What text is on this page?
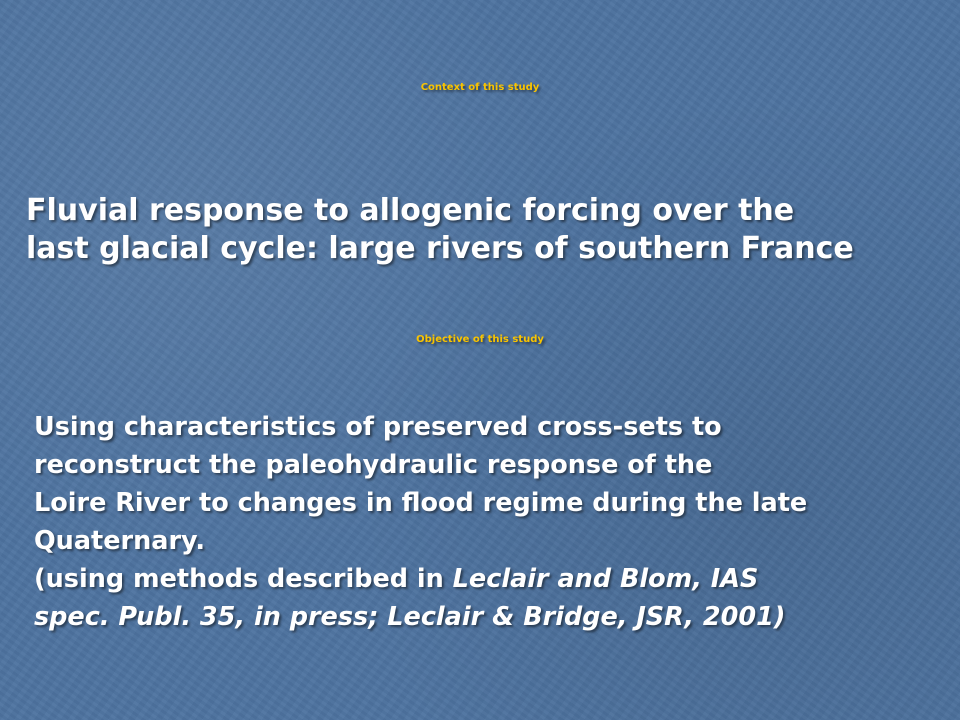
Context of this study
Fluvial response to allogenic forcing over the
last glacial cycle: large rivers of southern France
Objective of this study
Using characteristics of preserved cross-sets to
reconstruct the paleohydraulic response of the
Loire River to changes in flood regime during the late
Quaternary.
(using methods described in Leclair and Blom, IAS
spec. Publ. 35, in press; Leclair & Bridge, JSR, 2001)
